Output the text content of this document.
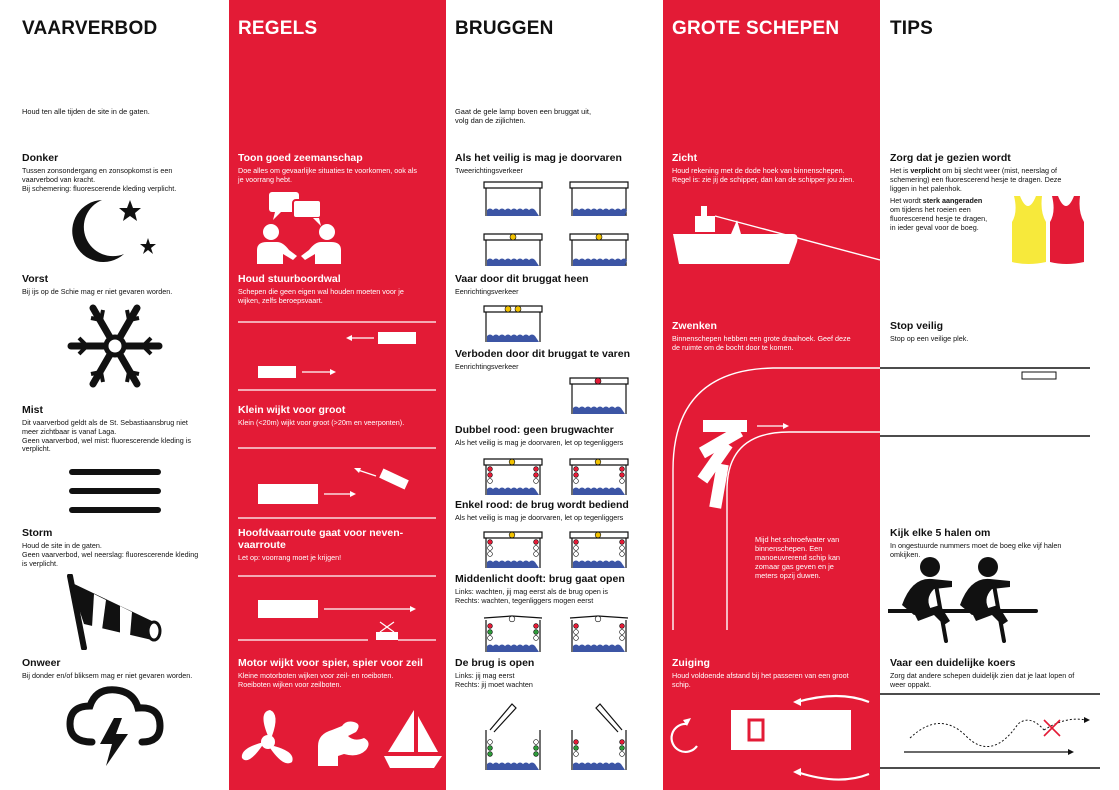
VAARVERBOD
Houd ten alle tijden de site in de gaten.
Donker

Tussen zonsondergang en zonsopkomst is een
vaarverbod van kracht.
Bij schemering: fluorescerende kleding verplicht.

Vorst

Bij ijs op de Schie mag er niet gevaren worden.

Mist

Dit vaarverbod geldt als de St. Sebastiaansbrug niet
meer zichtbaar is vanaf Laga.
Geen vaarverbod, wel mist: fluorescerende kleding is
verplicht.

Storm

Houd de site in de gaten.
Geen vaarverbod, wel neerslag: fluorescerende kleding
is verplicht.

Onweer

Bij donder en/of bliksem mag er niet gevaren worden.

REGELS
Toon goed zeemanschap

Doe alles om gevaarlijke situaties te voorkomen, ook als
je voorrang hebt.

Houd stuurboordwal

Schepen die geen eigen wal houden moeten voor je
wijken, zelfs beroepsvaart.

Klein wijkt voor groot

Klein (<20m) wijkt voor groot (>20m en veerponten).

Hoofdvaarroute gaat voor neven-
vaarroute

Let op: voorrang moet je krijgen!

Motor wijkt voor spier, spier voor zeil

Kleine motorboten wijken voor zeil- en roeiboten.
Roeiboten wijken voor zeilboten.

BRUGGEN
Gaat de gele lamp boven een bruggat uit,
volg dan de zijlichten.
Als het veilig is mag je doorvaren

Tweerichtingsverkeer

Vaar door dit bruggat heen

Eenrichtingsverkeer

Verboden door dit bruggat te varen

Eenrichtingsverkeer

Dubbel rood: geen brugwachter

Als het veilig is mag je doorvaren, let op tegenliggers

Enkel rood: de brug wordt bediend

Als het veilig is mag je doorvaren, let op tegenliggers

Middenlicht dooft: brug gaat open

Links: wachten, jij mag eerst als de brug open is
Rechts: wachten, tegenliggers mogen eerst

De brug is open

Links: jij mag eerst
Rechts: jij moet wachten

GROTE SCHEPEN
Zicht

Houd rekening met de dode hoek van binnenschepen.
Regel is: zie jij de schipper, dan kan de schipper jou zien.

Zwenken

Binnenschepen hebben een grote draaihoek. Geef deze
de ruimte om de bocht door te komen.

Mijd het schroefwater van
binnenschepen. Een
manoeuvrerend schip kan
zomaar gas geven en je
meters opzij duwen.
Zuiging

Houd voldoende afstand bij het passeren van een groot
schip.

TIPS
Zorg dat je gezien wordt

Het is verplicht om bij slecht weer (mist, neerslag of
schemering) een fluorescerend hesje te dragen. Deze
liggen in het palenhok.

Het wordt sterk aangeraden
om tijdens het roeien een
fluorescerend hesje te dragen,
in ieder geval voor de boeg.

Stop veilig

Stop op een veilige plek.

Kijk elke 5 halen om

In ongestuurde nummers moet de boeg elke vijf halen
omkijken.

Vaar een duidelijke koers

Zorg dat andere schepen duidelijk zien dat je laat lopen of
weer oppakt.
